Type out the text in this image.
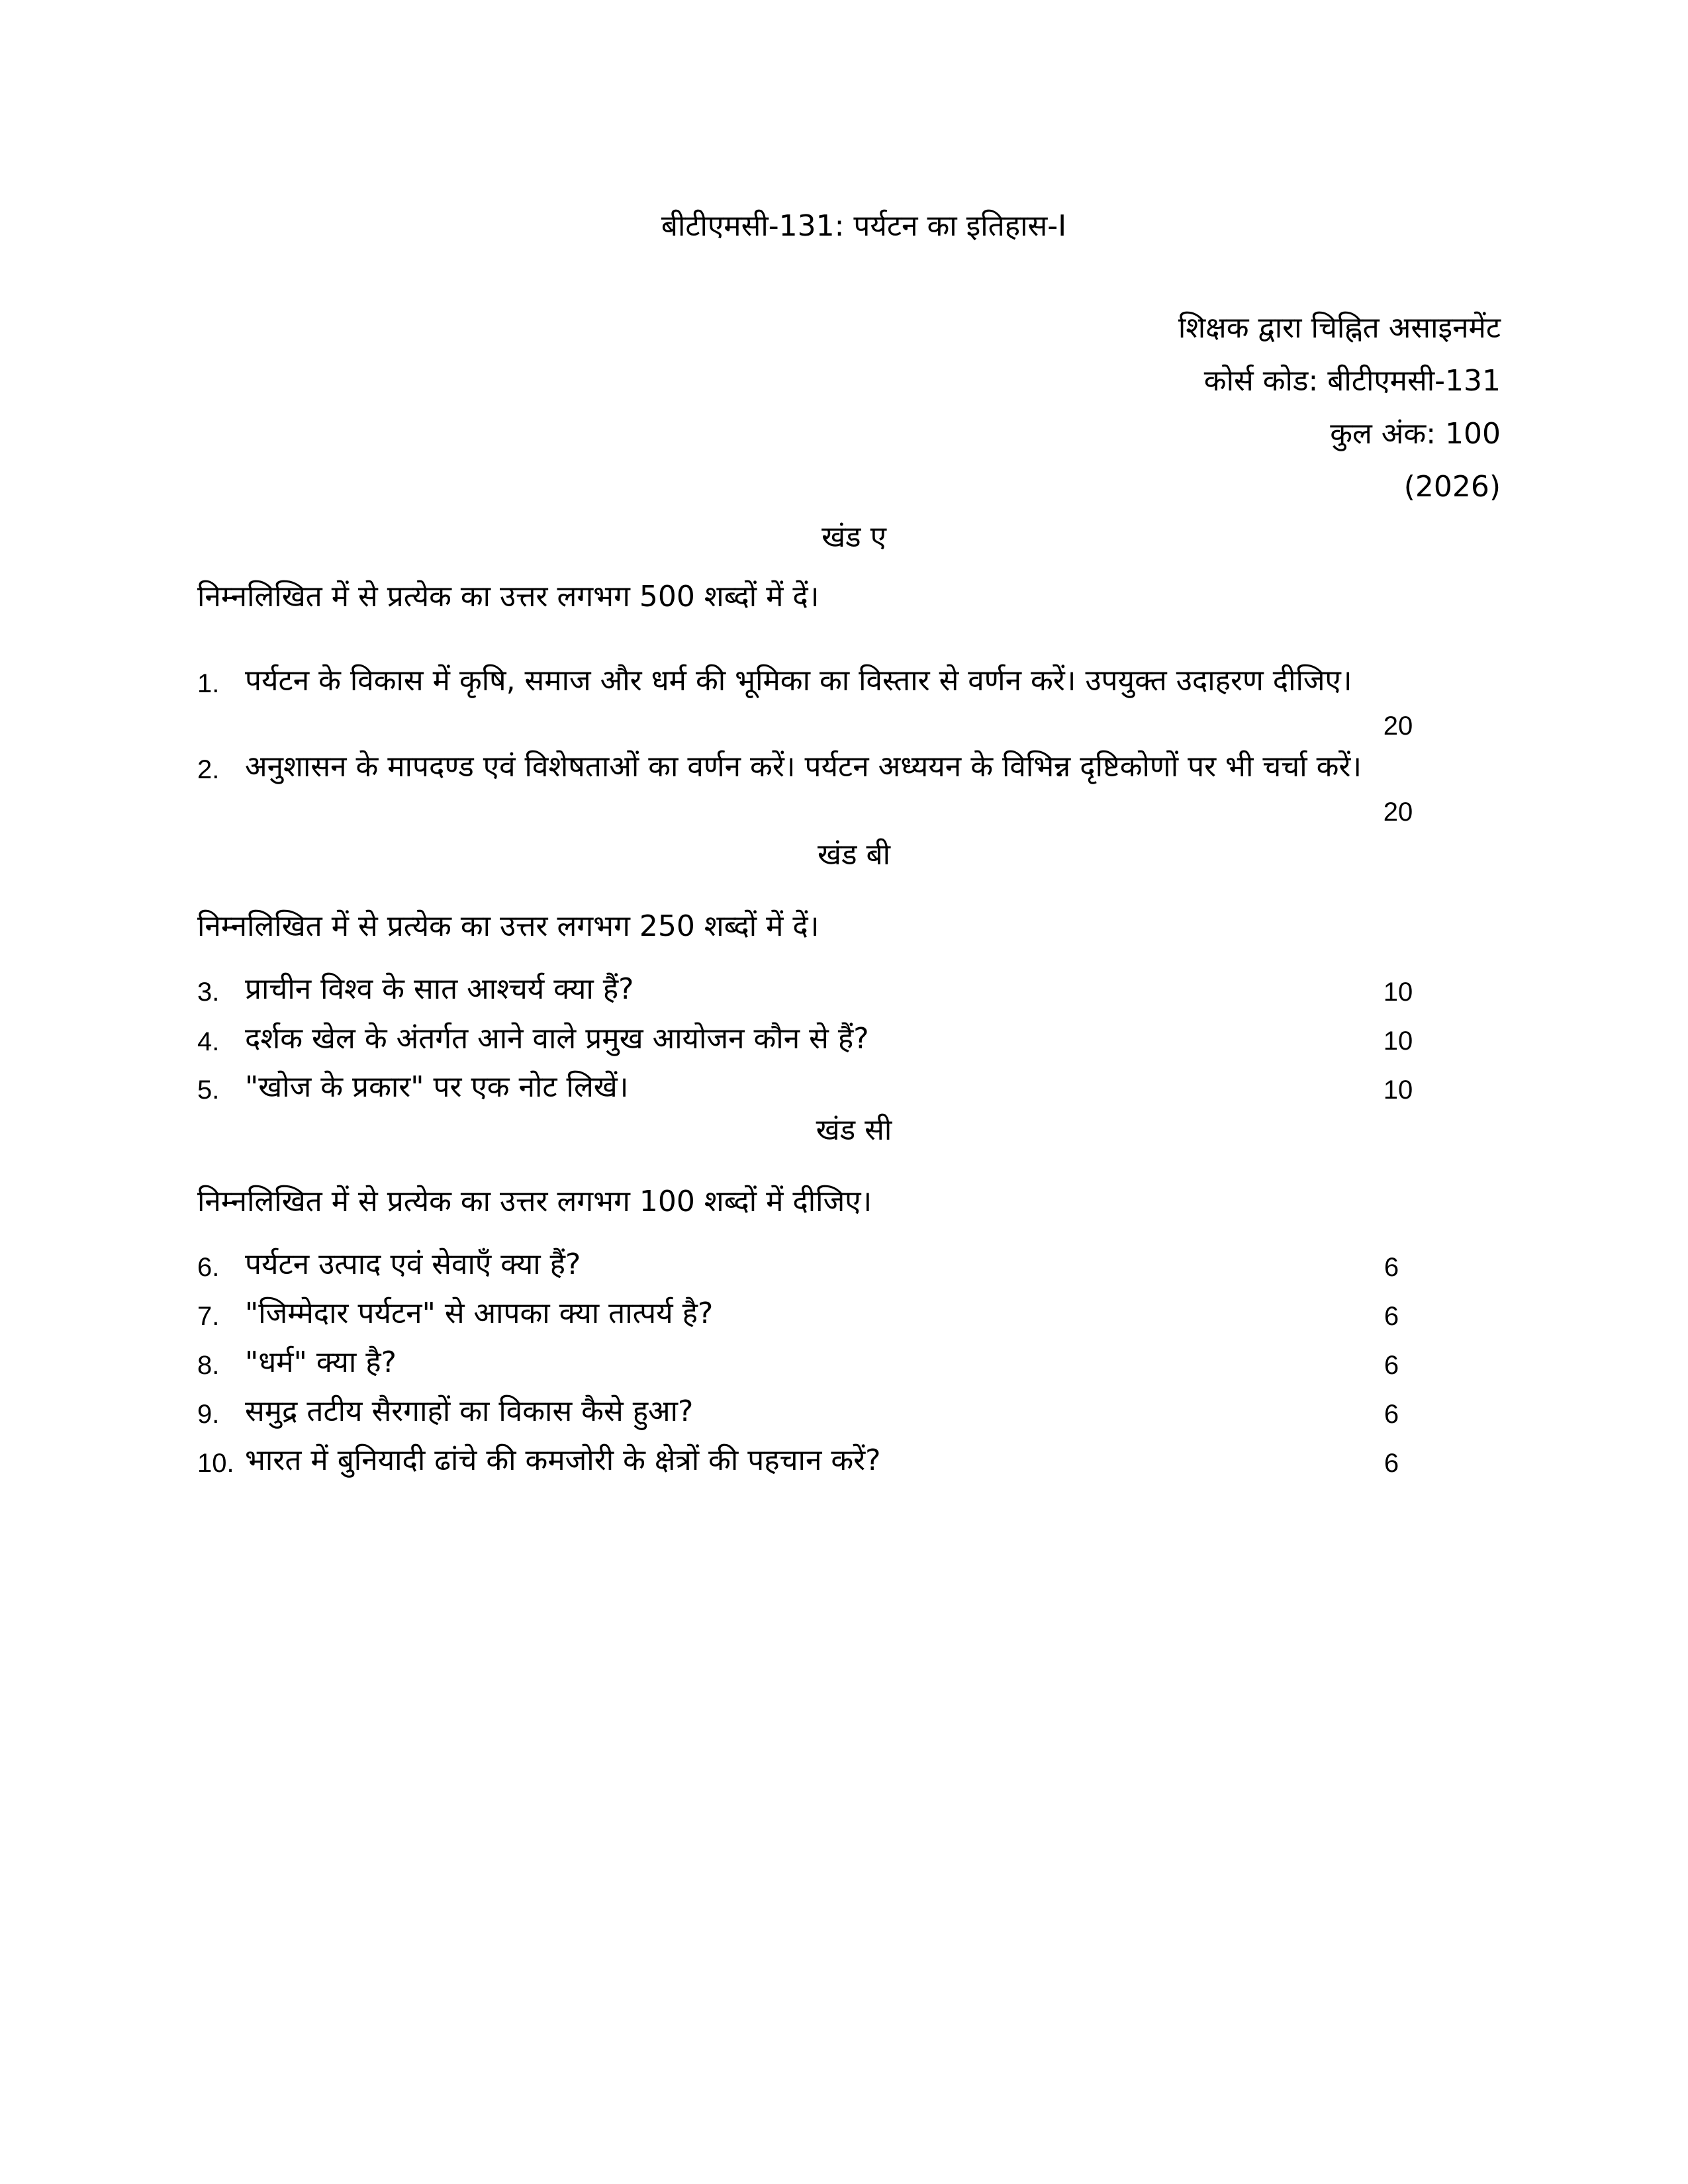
बीटीएमसी-131: पर्यटन का इतिहास-I
शिक्षक द्वारा चिह्नित असाइनमेंट
कोर्स कोड: बीटीएमसी-131
कुल अंक: 100
(2026)
खंड ए
निम्नलिखित में से प्रत्येक का उत्तर लगभग 500 शब्दों में दें।
1. पर्यटन के विकास में कृषि, समाज और धर्म की भूमिका का विस्तार से वर्णन करें। उपयुक्त उदाहरण दीजिए।
20
2. अनुशासन के मापदण्ड एवं विशेषताओं का वर्णन करें। पर्यटन अध्ययन के विभिन्न दृष्टिकोणों पर भी चर्चा करें।
20
खंड बी
निम्नलिखित में से प्रत्येक का उत्तर लगभग 250 शब्दों में दें।
3. प्राचीन विश्व के सात आश्चर्य क्या हैं?	10
4. दर्शक खेल के अंतर्गत आने वाले प्रमुख आयोजन कौन से हैं?	10
5. "खोज के प्रकार" पर एक नोट लिखें।	10
खंड सी
निम्नलिखित में से प्रत्येक का उत्तर लगभग 100 शब्दों में दीजिए।
6. पर्यटन उत्पाद एवं सेवाएँ क्या हैं?	6
7. "जिम्मेदार पर्यटन" से आपका क्या तात्पर्य है?	6
8. "धर्म" क्या है?	6
9. समुद्र तटीय सैरगाहों का विकास कैसे हुआ?	6
10. भारत में बुनियादी ढांचे की कमजोरी के क्षेत्रों की पहचान करें?	6
